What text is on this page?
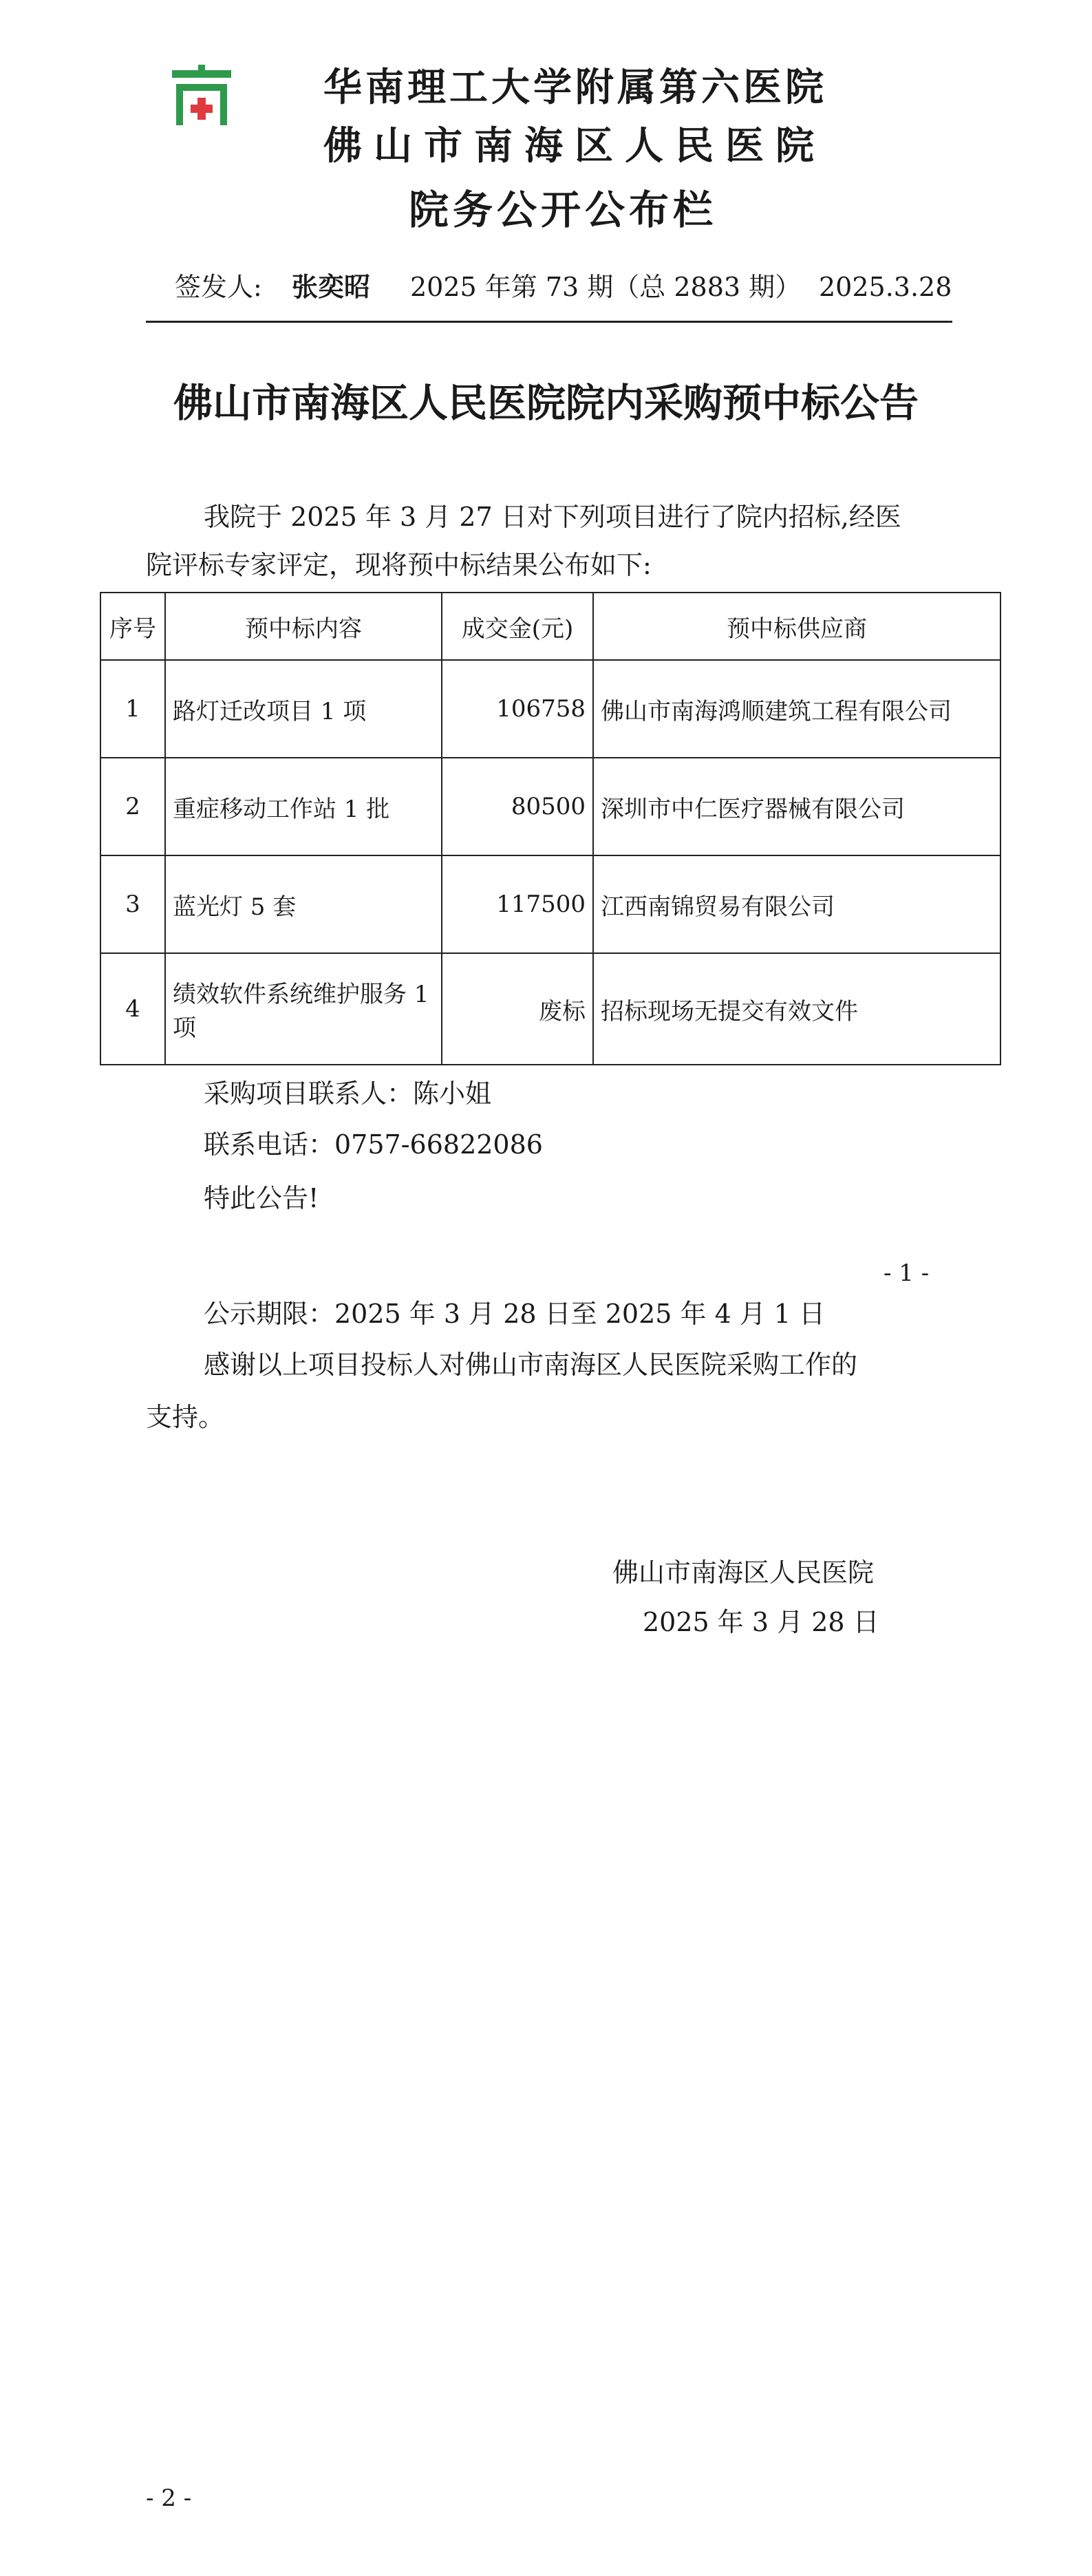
华南理工大学附属第六医院
佛山市南海区人民医院
院务公开公布栏
签发人: 张奕昭 2025 年第 73 期（总 2883 期） 2025.3.28
佛山市南海区人民医院院内采购预中标公告
我院于 2025 年 3 月 27 日对下列项目进行了院内招标,经医
院评标专家评定，现将预中标结果公布如下:
序号	预中标内容	成交金(元)	预中标供应商
1	路灯迁改项目 1 项	106758	佛山市南海鸿顺建筑工程有限公司
2	重症移动工作站 1 批	80500	深圳市中仁医疗器械有限公司
3	蓝光灯 5 套	117500	江西南锦贸易有限公司
4	绩效软件系统维护服务 1 项	废标	招标现场无提交有效文件
采购项目联系人：陈小姐
联系电话：0757-66822086
特此公告!
- 1 -
公示期限：2025 年 3 月 28 日至 2025 年 4 月 1 日
感谢以上项目投标人对佛山市南海区人民医院采购工作的
支持。
佛山市南海区人民医院
2025 年 3 月 28 日
- 2 -
